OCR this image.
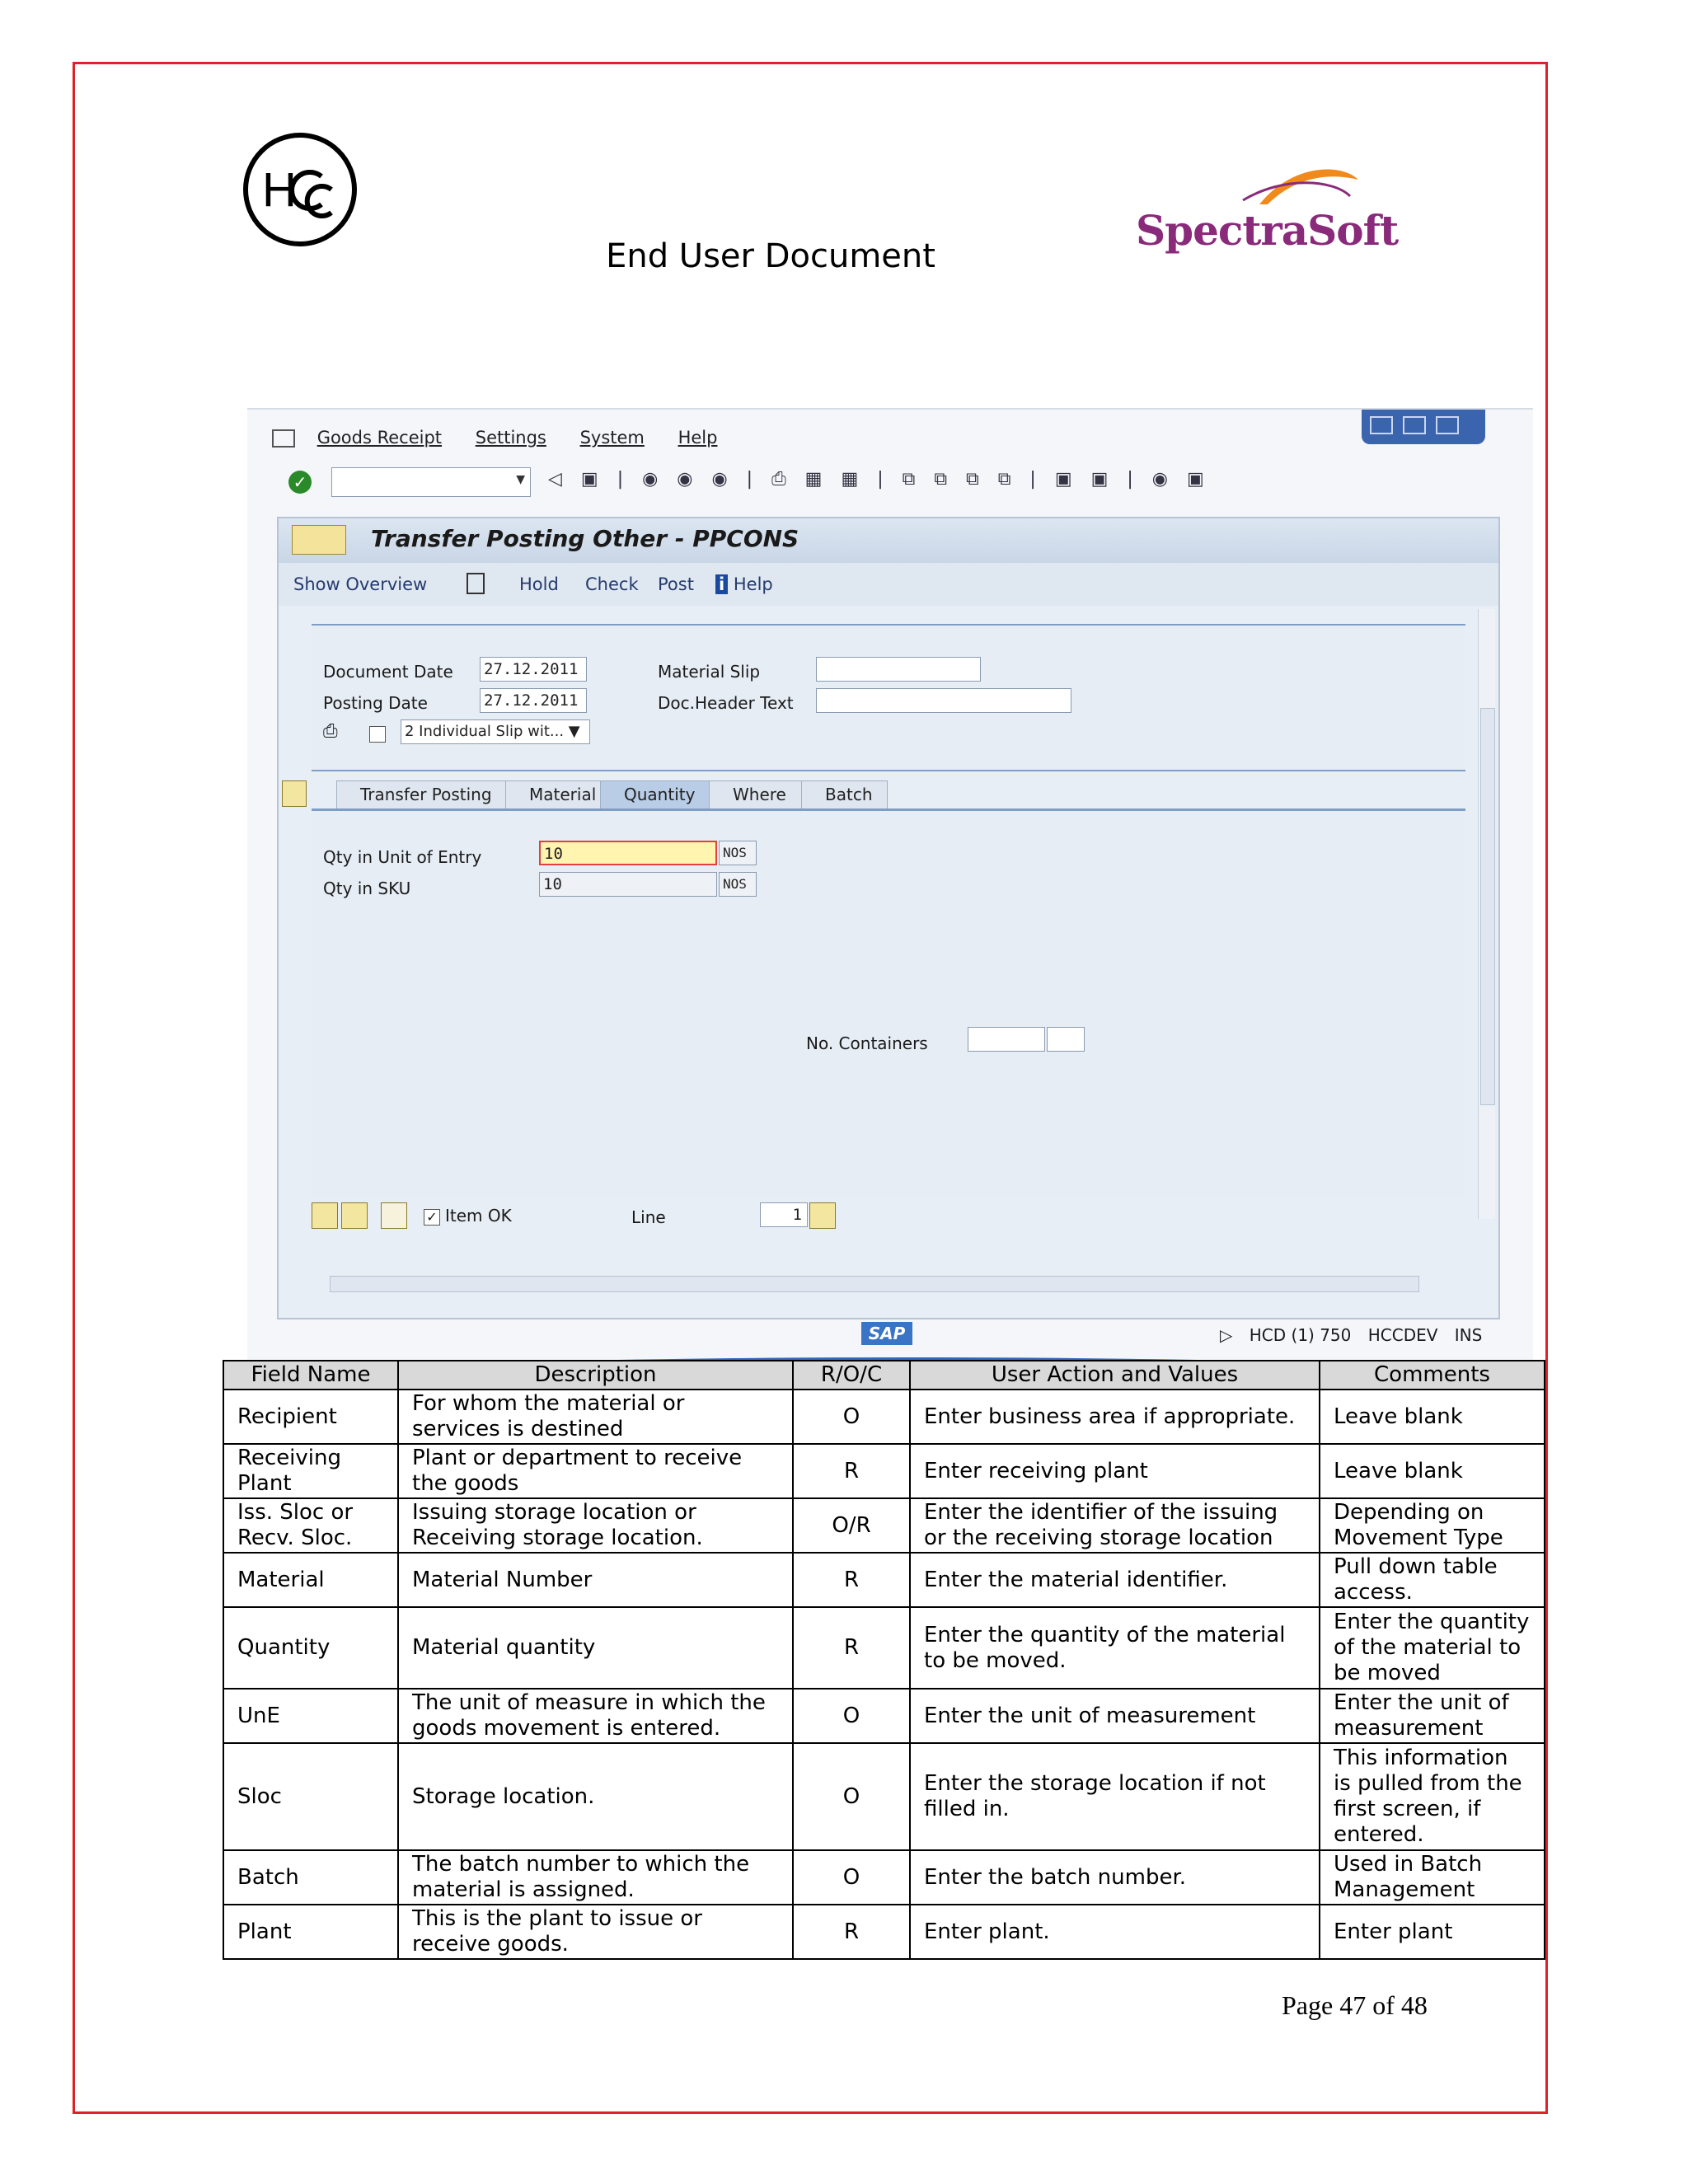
H
End User Document
SpectraSoft
Goods Receipt Settings System Help
✓ ▼	◁ ▣ | ◉ ◉ ◉ | ⎙ ▦ ▦ | ⧉ ⧉ ⧉ ⧉ | ▣ ▣ | ◉ ▣
Transfer Posting Other - PPCONS
Show Overview	Hold Check Post i Help
Document Date 27.12.2011
Posting Date	27.12.2011
⎙	2 Individual Slip wit... ▼
Material Slip
Doc.Header Text
Transfer Posting	Material	Quantity	Where	Batch
Qty in Unit of Entry	10	NOS
Qty in SKU	10	NOS
No. Containers
✓ Item OK	Line	1
SAP	▷ HCD (1) 750 HCCDEV INS
Field Name	Description	R/O/C	User Action and Values	Comments
Recipient	For whom the material or services is destined	O	Enter business area if appropriate.	Leave blank
Receiving Plant	Plant or department to receive the goods	R	Enter receiving plant	Leave blank
Iss. Sloc or Recv. Sloc.	Issuing storage location or Receiving storage location.	O/R	Enter the identifier of the issuing or the receiving storage location	Depending on Movement Type
Material	Material Number	R	Enter the material identifier.	Pull down table access.
Quantity	Material quantity	R	Enter the quantity of the material to be moved.	Enter the quantity of the material to be moved
UnE	The unit of measure in which the goods movement is entered.	O	Enter the unit of measurement	Enter the unit of measurement
Sloc	Storage location.	O	Enter the storage location if not filled in.	This information is pulled from the first screen, if entered.
Batch	The batch number to which the material is assigned.	O	Enter the batch number.	Used in Batch Management
Plant	This is the plant to issue or receive goods.	R	Enter plant.	Enter plant
Page 47 of 48
